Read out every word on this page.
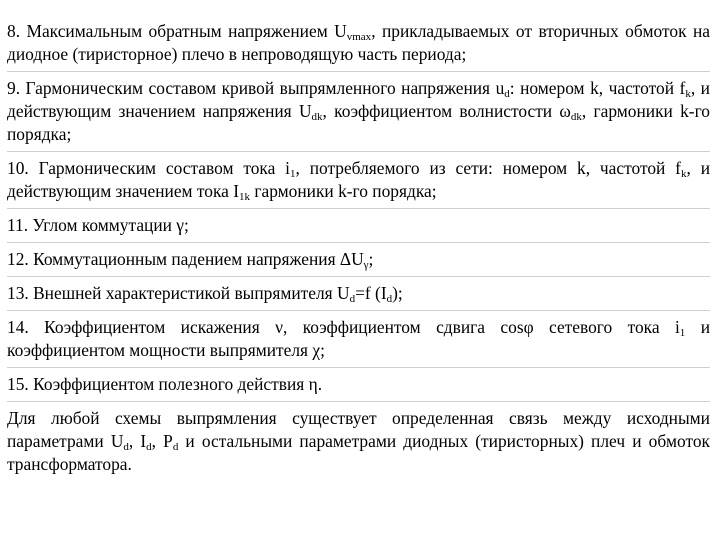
8. Максимальным обратным напряжением $U_{vmax}$, прикладываемых от вторичных обмоток на диодное (тиристорное) плечо в непроводящую часть периода;

9. Гармоническим составом кривой выпрямленного напряжения $u_d$: номером k, частотой $f_k$, и действующим значением напряжения $U_{dk}$, коэффициентом волнистости $\omega_{dk}$, гармоники k-го порядка;

10. Гармоническим составом тока $i_1$, потребляемого из сети: номером k, частотой $f_k$, и действующим значением тока $I_{1k}$ гармоники k-го порядка;

11. Углом коммутации γ;

12. Коммутационным падением напряжения $\Delta U_\gamma$;

13. Внешней характеристикой выпрямителя $U_d=f$ $(I_d)$;

14. Коэффициентом искажения ν, коэффициентом сдвига cosφ сетевого тока $i_1$ и коэффициентом мощности выпрямителя χ;

15. Коэффициентом полезного действия η.

Для любой схемы выпрямления существует определенная связь между исходными параметрами $U_d$, $I_d$, $P_d$ и остальными параметрами диодных (тиристорных) плеч и обмоток трансформатора.
